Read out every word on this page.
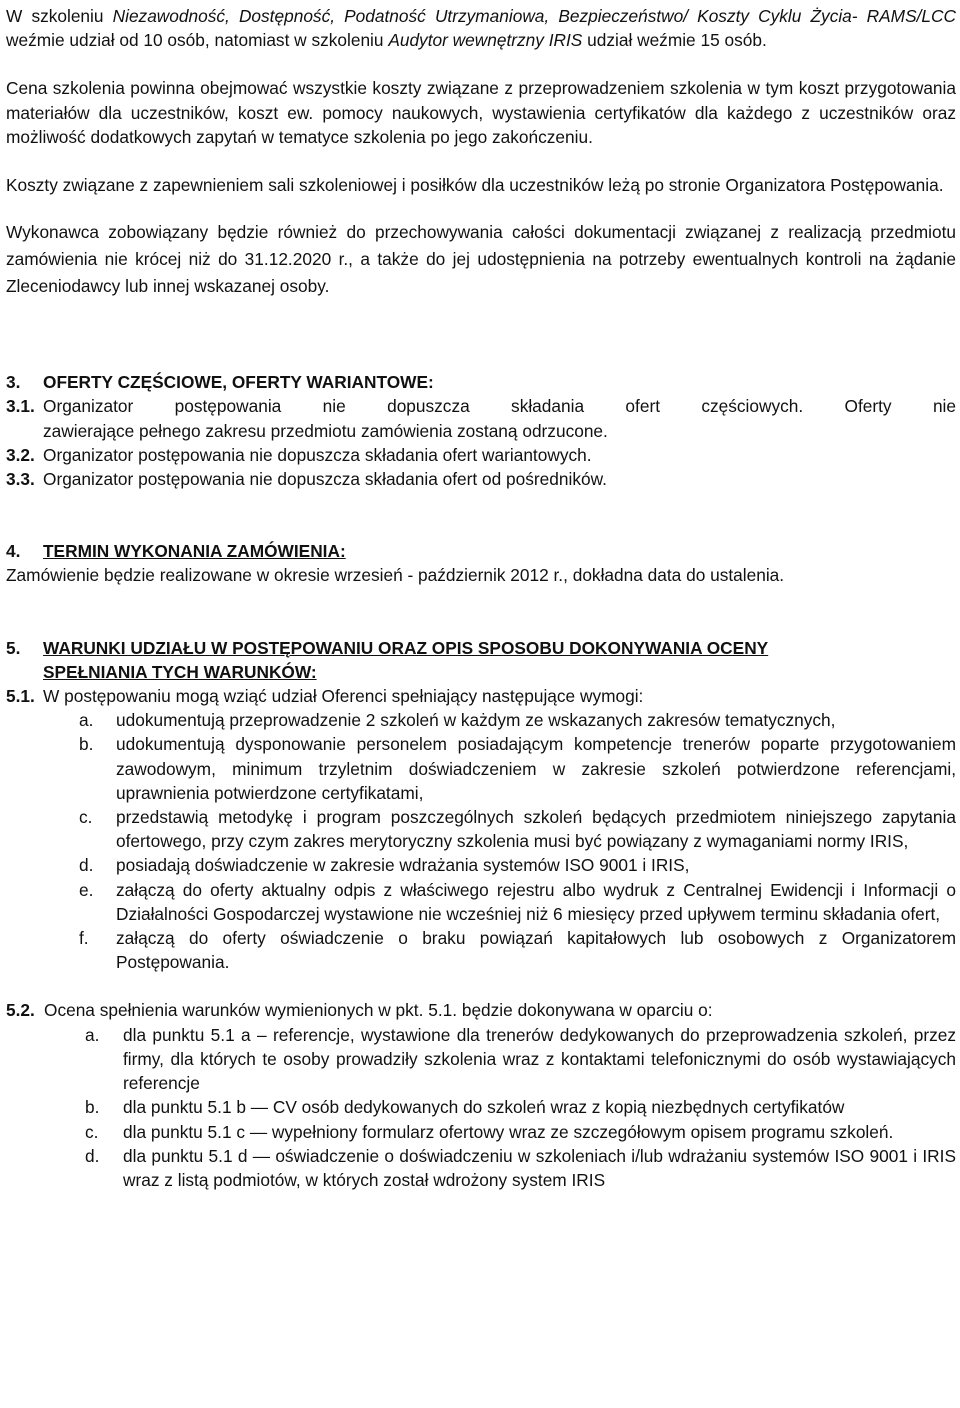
W szkoleniu Niezawodność, Dostępność, Podatność Utrzymaniowa, Bezpieczeństwo/ Koszty Cyklu Życia- RAMS/LCC weźmie udział od 10 osób, natomiast w szkoleniu Audytor wewnętrzny IRIS udział weźmie 15 osób.

Cena szkolenia powinna obejmować wszystkie koszty związane z przeprowadzeniem szkolenia w tym koszt przygotowania materiałów dla uczestników, koszt ew. pomocy naukowych, wystawienia certyfikatów dla każdego z uczestników oraz możliwość dodatkowych zapytań w tematyce szkolenia po jego zakończeniu.

Koszty związane z zapewnieniem sali szkoleniowej i posiłków dla uczestników leżą po stronie Organizatora Postępowania.

Wykonawca zobowiązany będzie również do przechowywania całości dokumentacji związanej z realizacją przedmiotu zamówienia nie krócej niż do 31.12.2020 r., a także do jej udostępnienia na potrzeby ewentualnych kontroli na żądanie Zleceniodawcy lub innej wskazanej osoby.

3.	OFERTY CZĘŚCIOWE, OFERTY WARIANTOWE:
3.1. Organizator postępowania nie dopuszcza składania ofert częściowych. Oferty nie
zawierające pełnego zakresu przedmiotu zamówienia zostaną odrzucone.
3.2. Organizator postępowania nie dopuszcza składania ofert wariantowych.
3.3. Organizator postępowania nie dopuszcza składania ofert od pośredników.
4.	TERMIN WYKONANIA ZAMÓWIENIA:

Zamówienie będzie realizowane w okresie wrzesień - październik 2012 r., dokładna data do ustalenia.

5.	WARUNKI UDZIAŁU W POSTĘPOWANIU ORAZ OPIS SPOSOBU DOKONYWANIA OCENY
SPEŁNIANIA TYCH WARUNKÓW:
5.1. W postępowaniu mogą wziąć udział Oferenci spełniający następujące wymogi:
a.	udokumentują przeprowadzenie 2 szkoleń w każdym ze wskazanych zakresów tematycznych,
b.	udokumentują dysponowanie personelem posiadającym kompetencje trenerów poparte przygotowaniem zawodowym, minimum trzyletnim doświadczeniem w zakresie szkoleń potwierdzone referencjami, uprawnienia potwierdzone certyfikatami,
c.	przedstawią metodykę i program poszczególnych szkoleń będących przedmiotem niniejszego zapytania ofertowego, przy czym zakres merytoryczny szkolenia musi być powiązany z wymaganiami normy IRIS,
d.	posiadają doświadczenie w zakresie wdrażania systemów ISO 9001 i IRIS,
e.	załączą do oferty aktualny odpis z właściwego rejestru albo wydruk z Centralnej Ewidencji i Informacji o Działalności Gospodarczej wystawione nie wcześniej niż 6 miesięcy przed upływem terminu składania ofert,
f.	załączą do oferty oświadczenie o braku powiązań kapitałowych lub osobowych z Organizatorem Postępowania.
5.2. Ocena spełnienia warunków wymienionych w pkt. 5.1. będzie dokonywana w oparciu o:
a.	dla punktu 5.1 a – referencje, wystawione dla trenerów dedykowanych do przeprowadzenia szkoleń, przez firmy, dla których te osoby prowadziły szkolenia wraz z kontaktami telefonicznymi do osób wystawiających referencje
b.	dla punktu 5.1 b — CV osób dedykowanych do szkoleń wraz z kopią niezbędnych certyfikatów
c.	dla punktu 5.1 c — wypełniony formularz ofertowy wraz ze szczegółowym opisem programu szkoleń.
d.	dla punktu 5.1 d — oświadczenie o doświadczeniu w szkoleniach i/lub wdrażaniu systemów ISO 9001 i IRIS wraz z listą podmiotów, w których został wdrożony system IRIS
